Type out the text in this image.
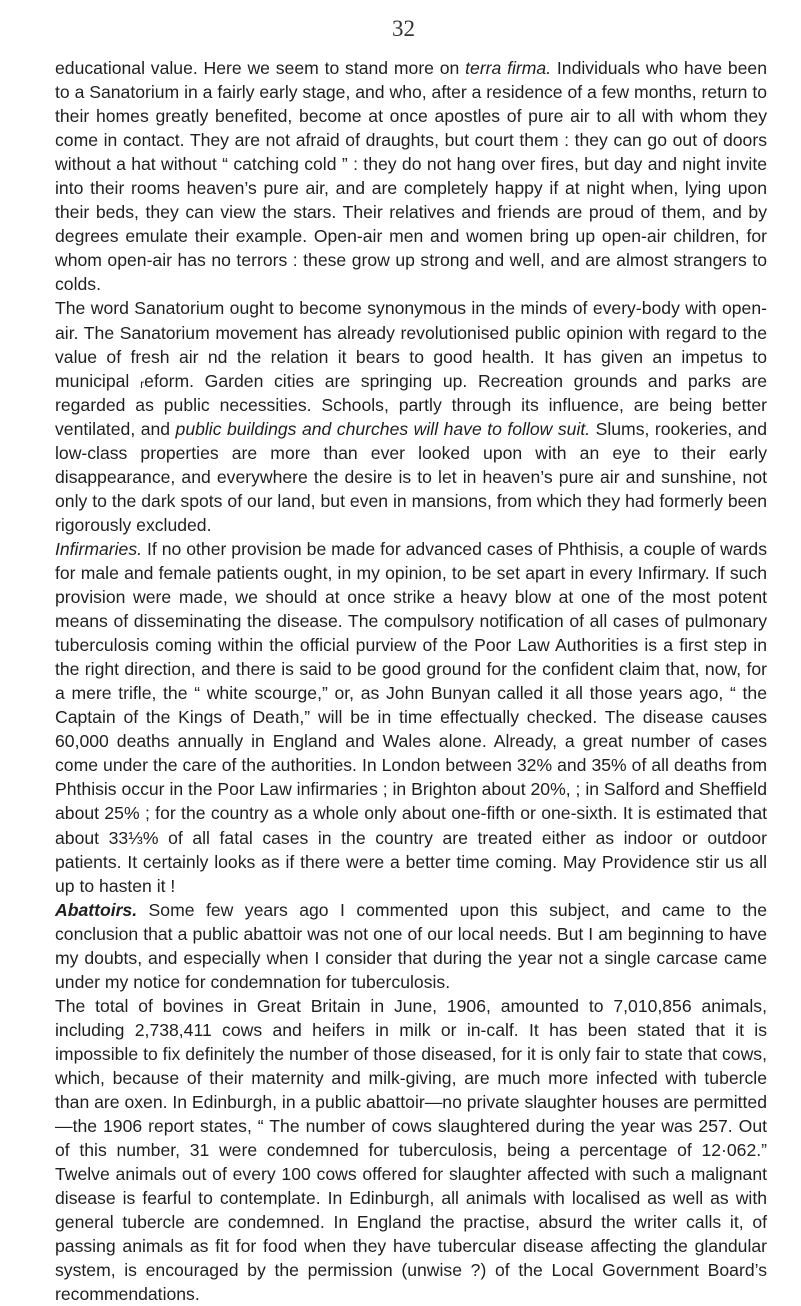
32

educational value. Here we seem to stand more on terra firma. Individuals who have been to a Sanatorium in a fairly early stage, and who, after a residence of a few months, return to their homes greatly benefited, become at once apostles of pure air to all with whom they come in contact. They are not afraid of draughts, but court them : they can go out of doors without a hat without “ catching cold ” : they do not hang over fires, but day and night invite into their rooms heaven’s pure air, and are completely happy if at night when, lying upon their beds, they can view the stars. Their relatives and friends are proud of them, and by degrees emulate their example. Open-air men and women bring up open-air children, for whom open-air has no terrors : these grow up strong and well, and are almost strangers to colds.

The word Sanatorium ought to become synonymous in the minds of every-body with open-air. The Sanatorium movement has already revolutionised public opinion with regard to the value of fresh air nd the relation it bears to good health. It has given an impetus to municipal ᵣeform. Garden cities are springing up. Recreation grounds and parks are regarded as public necessities. Schools, partly through its influence, are being better ventilated, and public buildings and churches will have to follow suit. Slums, rookeries, and low-class properties are more than ever looked upon with an eye to their early disappearance, and everywhere the desire is to let in heaven’s pure air and sunshine, not only to the dark spots of our land, but even in mansions, from which they had formerly been rigorously excluded.

Infirmaries. If no other provision be made for advanced cases of Phthisis, a couple of wards for male and female patients ought, in my opinion, to be set apart in every Infirmary. If such provision were made, we should at once strike a heavy blow at one of the most potent means of disseminating the disease. The compulsory notification of all cases of pulmonary tuberculosis coming within the official purview of the Poor Law Authorities is a first step in the right direction, and there is said to be good ground for the confident claim that, now, for a mere trifle, the “ white scourge,” or, as John Bunyan called it all those years ago, “ the Captain of the Kings of Death,” will be in time effectually checked. The disease causes 60,000 deaths annually in England and Wales alone. Already, a great number of cases come under the care of the authorities. In London between 32% and 35% of all deaths from Phthisis occur in the Poor Law infirmaries ; in Brighton about 20%, ; in Salford and Sheffield about 25% ; for the country as a whole only about one-fifth or one-sixth. It is estimated that about 33⅓% of all fatal cases in the country are treated either as indoor or outdoor patients. It certainly looks as if there were a better time coming. May Providence stir us all up to hasten it !

Abattoirs. Some few years ago I commented upon this subject, and came to the conclusion that a public abattoir was not one of our local needs. But I am beginning to have my doubts, and especially when I consider that during the year not a single carcase came under my notice for condemnation for tuberculosis.

The total of bovines in Great Britain in June, 1906, amounted to 7,010,856 animals, including 2,738,411 cows and heifers in milk or in-calf. It has been stated that it is impossible to fix definitely the number of those diseased, for it is only fair to state that cows, which, because of their maternity and milk-giving, are much more infected with tubercle than are oxen. In Edinburgh, in a public abattoir—no private slaughter houses are permitted—the 1906 report states, “ The number of cows slaughtered during the year was 257. Out of this number, 31 were condemned for tuberculosis, being a percentage of 12·062.” Twelve animals out of every 100 cows offered for slaughter affected with such a malignant disease is fearful to contemplate. In Edinburgh, all animals with localised as well as with general tubercle are condemned. In England the practise, absurd the writer calls it, of passing animals as fit for food when they have tubercular disease affecting the glandular system, is encouraged by the permission (unwise ?) of the Local Government Board’s recommendations.
